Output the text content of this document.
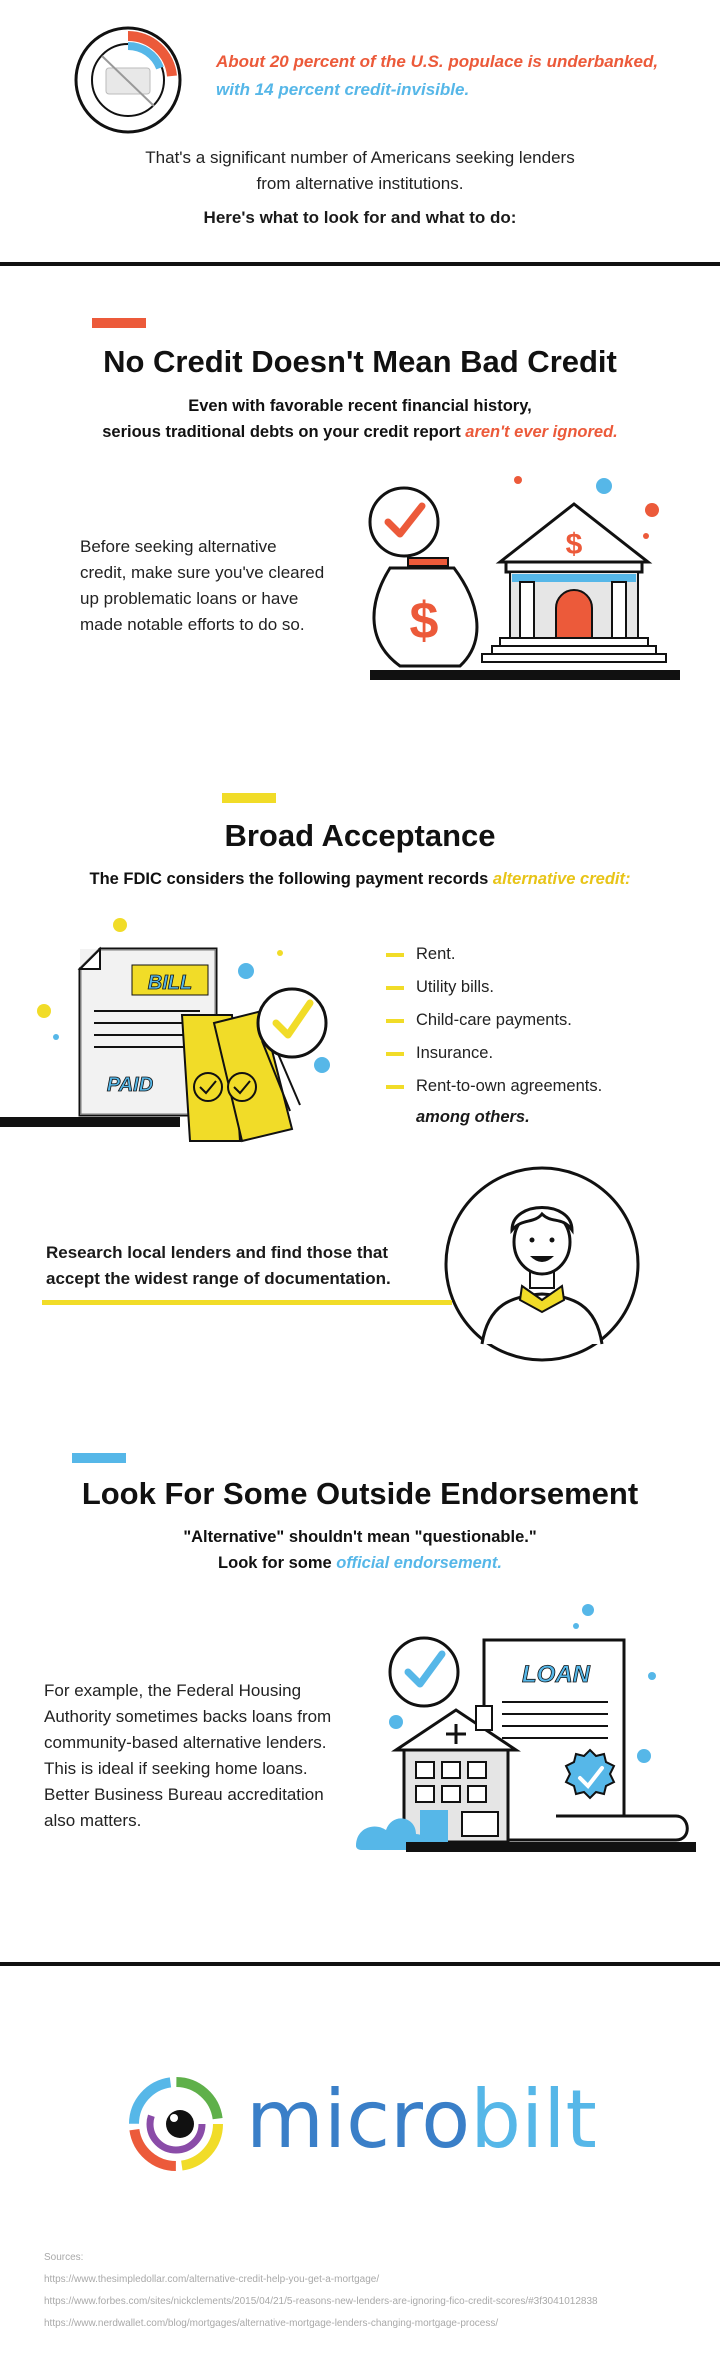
About 20 percent of the U.S. populace is underbanked,
with 14 percent credit-invisible.
That's a significant number of Americans seeking lenders
from alternative institutions.
Here's what to look for and what to do:
No Credit Doesn't Mean Bad Credit
Even with favorable recent financial history,
serious traditional debts on your credit report aren't ever ignored.
Before seeking alternative
credit, make sure you've cleared
up problematic loans or have
made notable efforts to do so.	$
$
Broad Acceptance
The FDIC considers the following payment records alternative credit:
BILL
PAID
Rent.
Utility bills.
Child-care payments.
Insurance.
Rent-to-own agreements.
among others.
Research local lenders and find those that
accept the widest range of documentation.
Look For Some Outside Endorsement
"Alternative" shouldn't mean "questionable."
Look for some official endorsement.
For example, the Federal Housing
Authority sometimes backs loans from
community-based alternative lenders.
This is ideal if seeking home loans.
Better Business Bureau accreditation
also matters.
LOAN
microbilt
Sources:
https://www.thesimpledollar.com/alternative-credit-help-you-get-a-mortgage/
https://www.forbes.com/sites/nickclements/2015/04/21/5-reasons-new-lenders-are-ignoring-fico-credit-scores/#3f3041012838
https://www.nerdwallet.com/blog/mortgages/alternative-mortgage-lenders-changing-mortgage-process/
